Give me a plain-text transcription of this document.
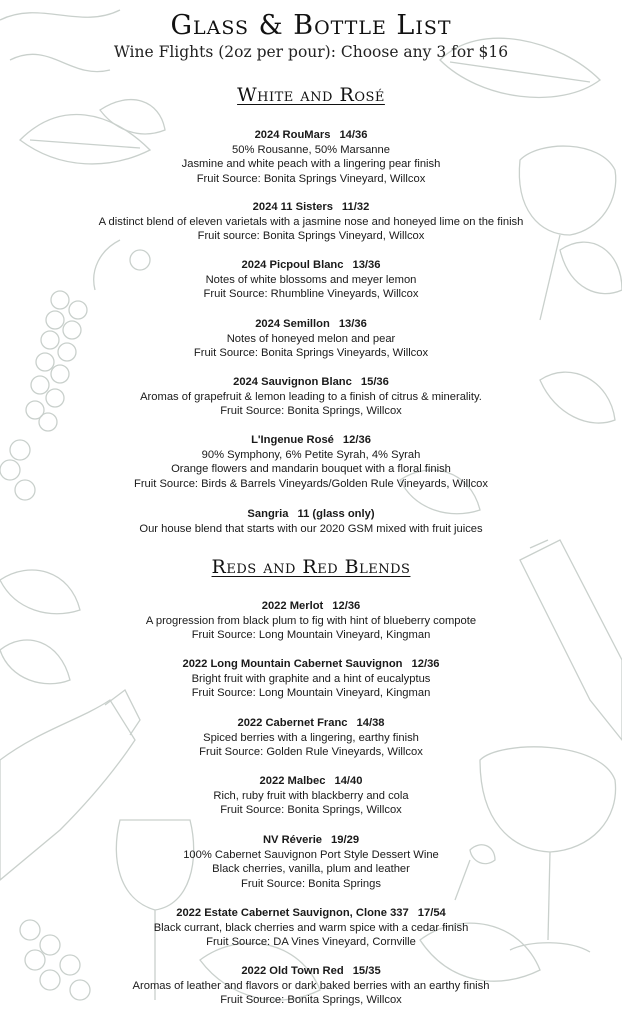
Glass & Bottle List
Wine Flights (2oz per pour): Choose any 3 for $16
White and Rosé
2024 RouMars 14/36
50% Rousanne, 50% Marsanne
Jasmine and white peach with a lingering pear finish
Fruit Source: Bonita Springs Vineyard, Willcox
2024 11 Sisters 11/32
A distinct blend of eleven varietals with a jasmine nose and honeyed lime on the finish
Fruit source: Bonita Springs Vineyard, Willcox
2024 Picpoul Blanc 13/36
Notes of white blossoms and meyer lemon
Fruit Source: Rhumbline Vineyards, Willcox
2024 Semillon 13/36
Notes of honeyed melon and pear
Fruit Source: Bonita Springs Vineyards, Willcox
2024 Sauvignon Blanc 15/36
Aromas of grapefruit & lemon leading to a finish of citrus & minerality.
Fruit Source: Bonita Springs, Willcox
L'Ingenue Rosé 12/36
90% Symphony, 6% Petite Syrah, 4% Syrah
Orange flowers and mandarin bouquet with a floral finish
Fruit Source: Birds & Barrels Vineyards/Golden Rule Vineyards, Willcox
Sangria 11 (glass only)
Our house blend that starts with our 2020 GSM mixed with fruit juices
Reds and Red Blends
2022 Merlot 12/36
A progression from black plum to fig with hint of blueberry compote
Fruit Source: Long Mountain Vineyard, Kingman
2022 Long Mountain Cabernet Sauvignon 12/36
Bright fruit with graphite and a hint of eucalyptus
Fruit Source: Long Mountain Vineyard, Kingman
2022 Cabernet Franc 14/38
Spiced berries with a lingering, earthy finish
Fruit Source: Golden Rule Vineyards, Willcox
2022 Malbec 14/40
Rich, ruby fruit with blackberry and cola
Fruit Source: Bonita Springs, Willcox
NV Réverie 19/29
100% Cabernet Sauvignon Port Style Dessert Wine
Black cherries, vanilla, plum and leather
Fruit Source: Bonita Springs
2022 Estate Cabernet Sauvignon, Clone 337 17/54
Black currant, black cherries and warm spice with a cedar finish
Fruit Source: DA Vines Vineyard, Cornville
2022 Old Town Red 15/35
Aromas of leather and flavors or dark baked berries with an earthy finish
Fruit Source: Bonita Springs, Willcox
